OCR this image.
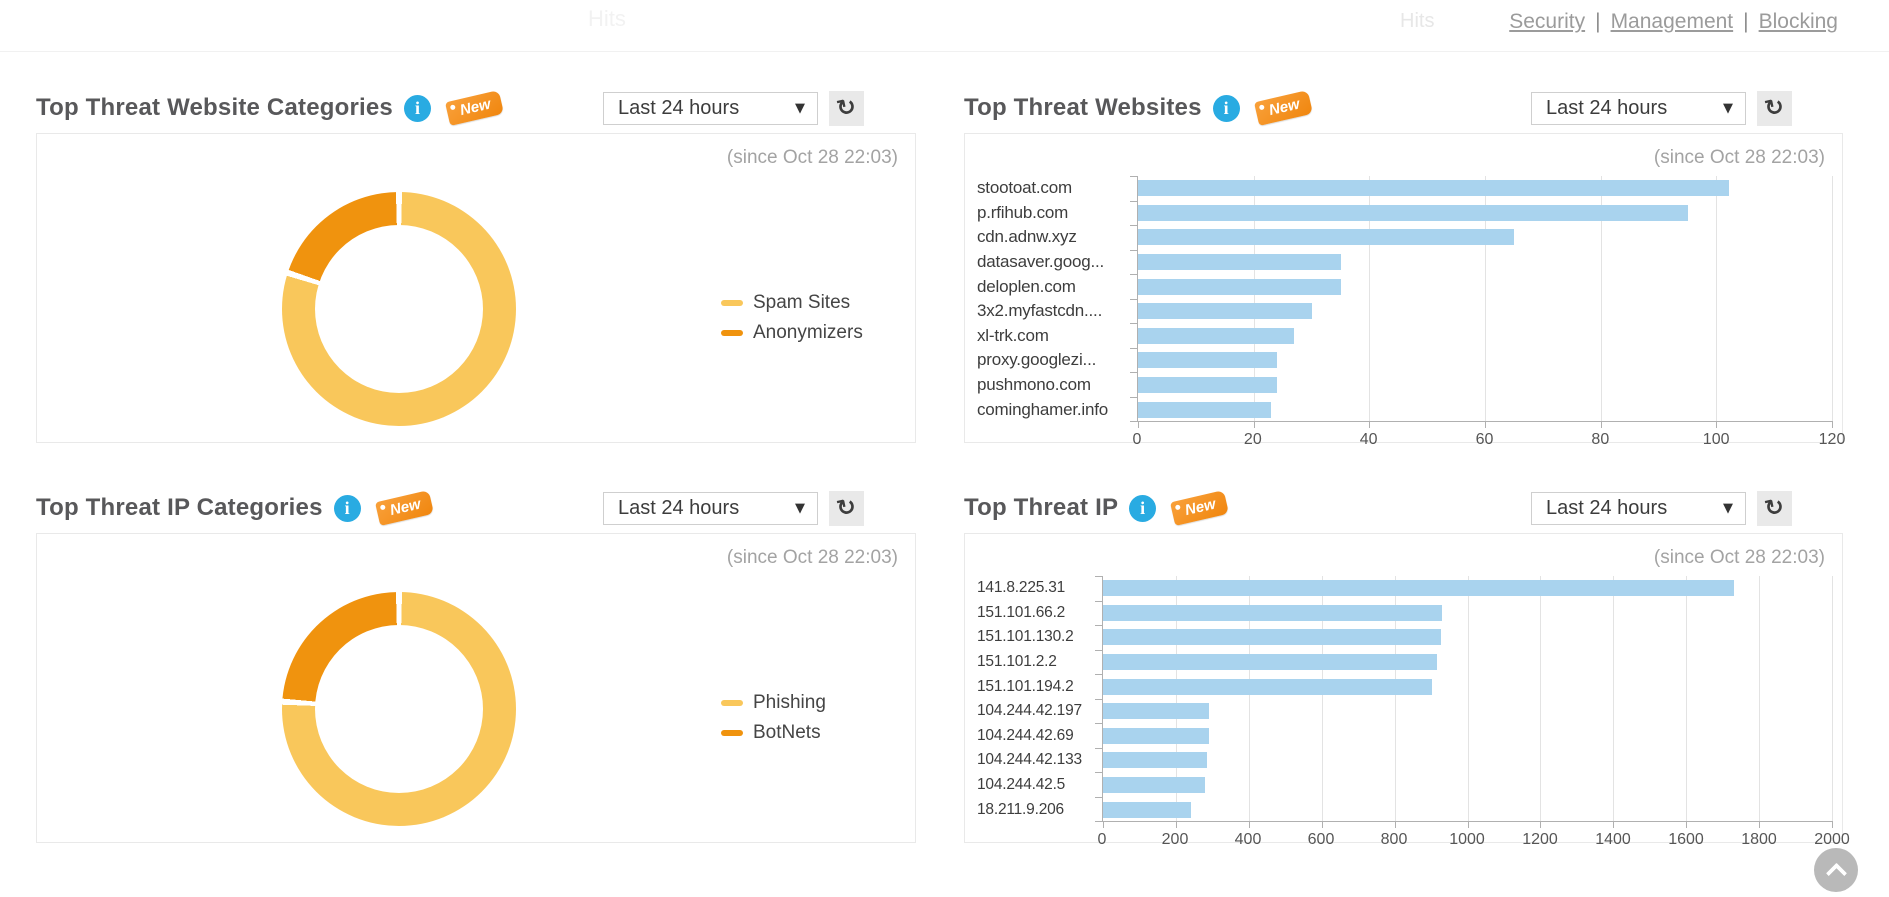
Hits	Hits	Security | Management | Blocking
Top Threat Website Categories	i	New	Last 24 hours	▼ ↻	Top Threat Websites	i	New	Last 24 hours	▼ ↻
Top Threat IP Categories	i	New	Last 24 hours	▼ ↻	Top Threat IP	i	New	Last 24 hours	▼ ↻
(since Oct 28 22:03)
Spam Sites
Anonymizers
(since Oct 28 22:03)
stootoat.com
p.rfihub.com
cdn.adnw.xyz
datasaver.goog...
deloplen.com
3x2.myfastcdn....
xl-trk.com
proxy.googlezi...
pushmono.com
cominghamer.info
0	20	40	60	80	100	120
(since Oct 28 22:03)
Phishing
BotNets
(since Oct 28 22:03)
141.8.225.31
151.101.66.2
151.101.130.2
151.101.2.2
151.101.194.2
104.244.42.197
104.244.42.69
104.244.42.133
104.244.42.5
18.211.9.206
0	200	400	600	800	1000 1200 1400 1600 1800 2000
